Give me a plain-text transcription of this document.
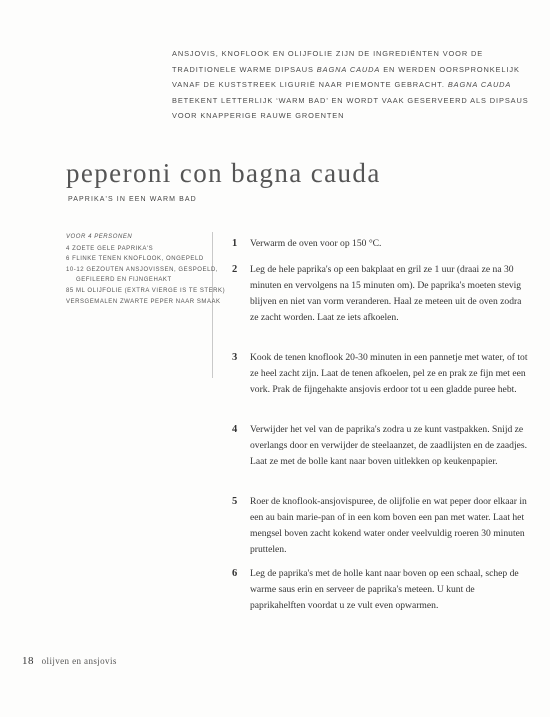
ANSJOVIS, KNOFLOOK EN OLIJFOLIE ZIJN DE INGREDIËNTEN VOOR DE TRADITIONELE WARME DIPSAUS BAGNA CAUDA EN WERDEN OORSPRONKELIJK VANAF DE KUSTSTREEK LIGURIË NAAR PIEMONTE GEBRACHT. BAGNA CAUDA BETEKENT LETTERLIJK ‘WARM BAD’ EN WORDT VAAK GESERVEERD ALS DIPSAUS VOOR KNAPPERIGE RAUWE GROENTEN
peperoni con bagna cauda
PAPRIKA'S IN EEN WARM BAD
VOOR 4 PERSONEN
4 ZOETE GELE PAPRIKA'S
6 FLINKE TENEN KNOFLOOK, ONGEPELD
10-12 GEZOUTEN ANSJOVISSEN, GESPOELD,
GEFILEERD EN FIJNGEHAKT
85 ML OLIJFOLIE (EXTRA VIERGE IS TE STERK)
VERSGEMALEN ZWARTE PEPER NAAR SMAAK
1 Verwarm de oven voor op 150 °C.
2 Leg de hele paprika's op een bakplaat en gril ze 1 uur (draai ze na 30 minuten en vervolgens na 15 minuten om). De paprika's moeten stevig blijven en niet van vorm veranderen. Haal ze meteen uit de oven zodra ze zacht worden. Laat ze iets afkoelen.
3 Kook de tenen knoflook 20-30 minuten in een pannetje met water, of tot ze heel zacht zijn. Laat de tenen afkoelen, pel ze en prak ze fijn met een vork. Prak de fijngehakte ansjovis erdoor tot u een gladde puree hebt.
4 Verwijder het vel van de paprika's zodra u ze kunt vastpakken. Snijd ze overlangs door en verwijder de steelaanzet, de zaadlijsten en de zaadjes. Laat ze met de bolle kant naar boven uitlekken op keukenpapier.
5 Roer de knoflook-ansjovispuree, de olijfolie en wat peper door elkaar in een au bain marie-pan of in een kom boven een pan met water. Laat het mengsel boven zacht kokend water onder veelvuldig roeren 30 minuten pruttelen.
6 Leg de paprika's met de holle kant naar boven op een schaal, schep de warme saus erin en serveer de paprika's meteen. U kunt de paprikahelften voordat u ze vult even opwarmen.
18 olijven en ansjovis
